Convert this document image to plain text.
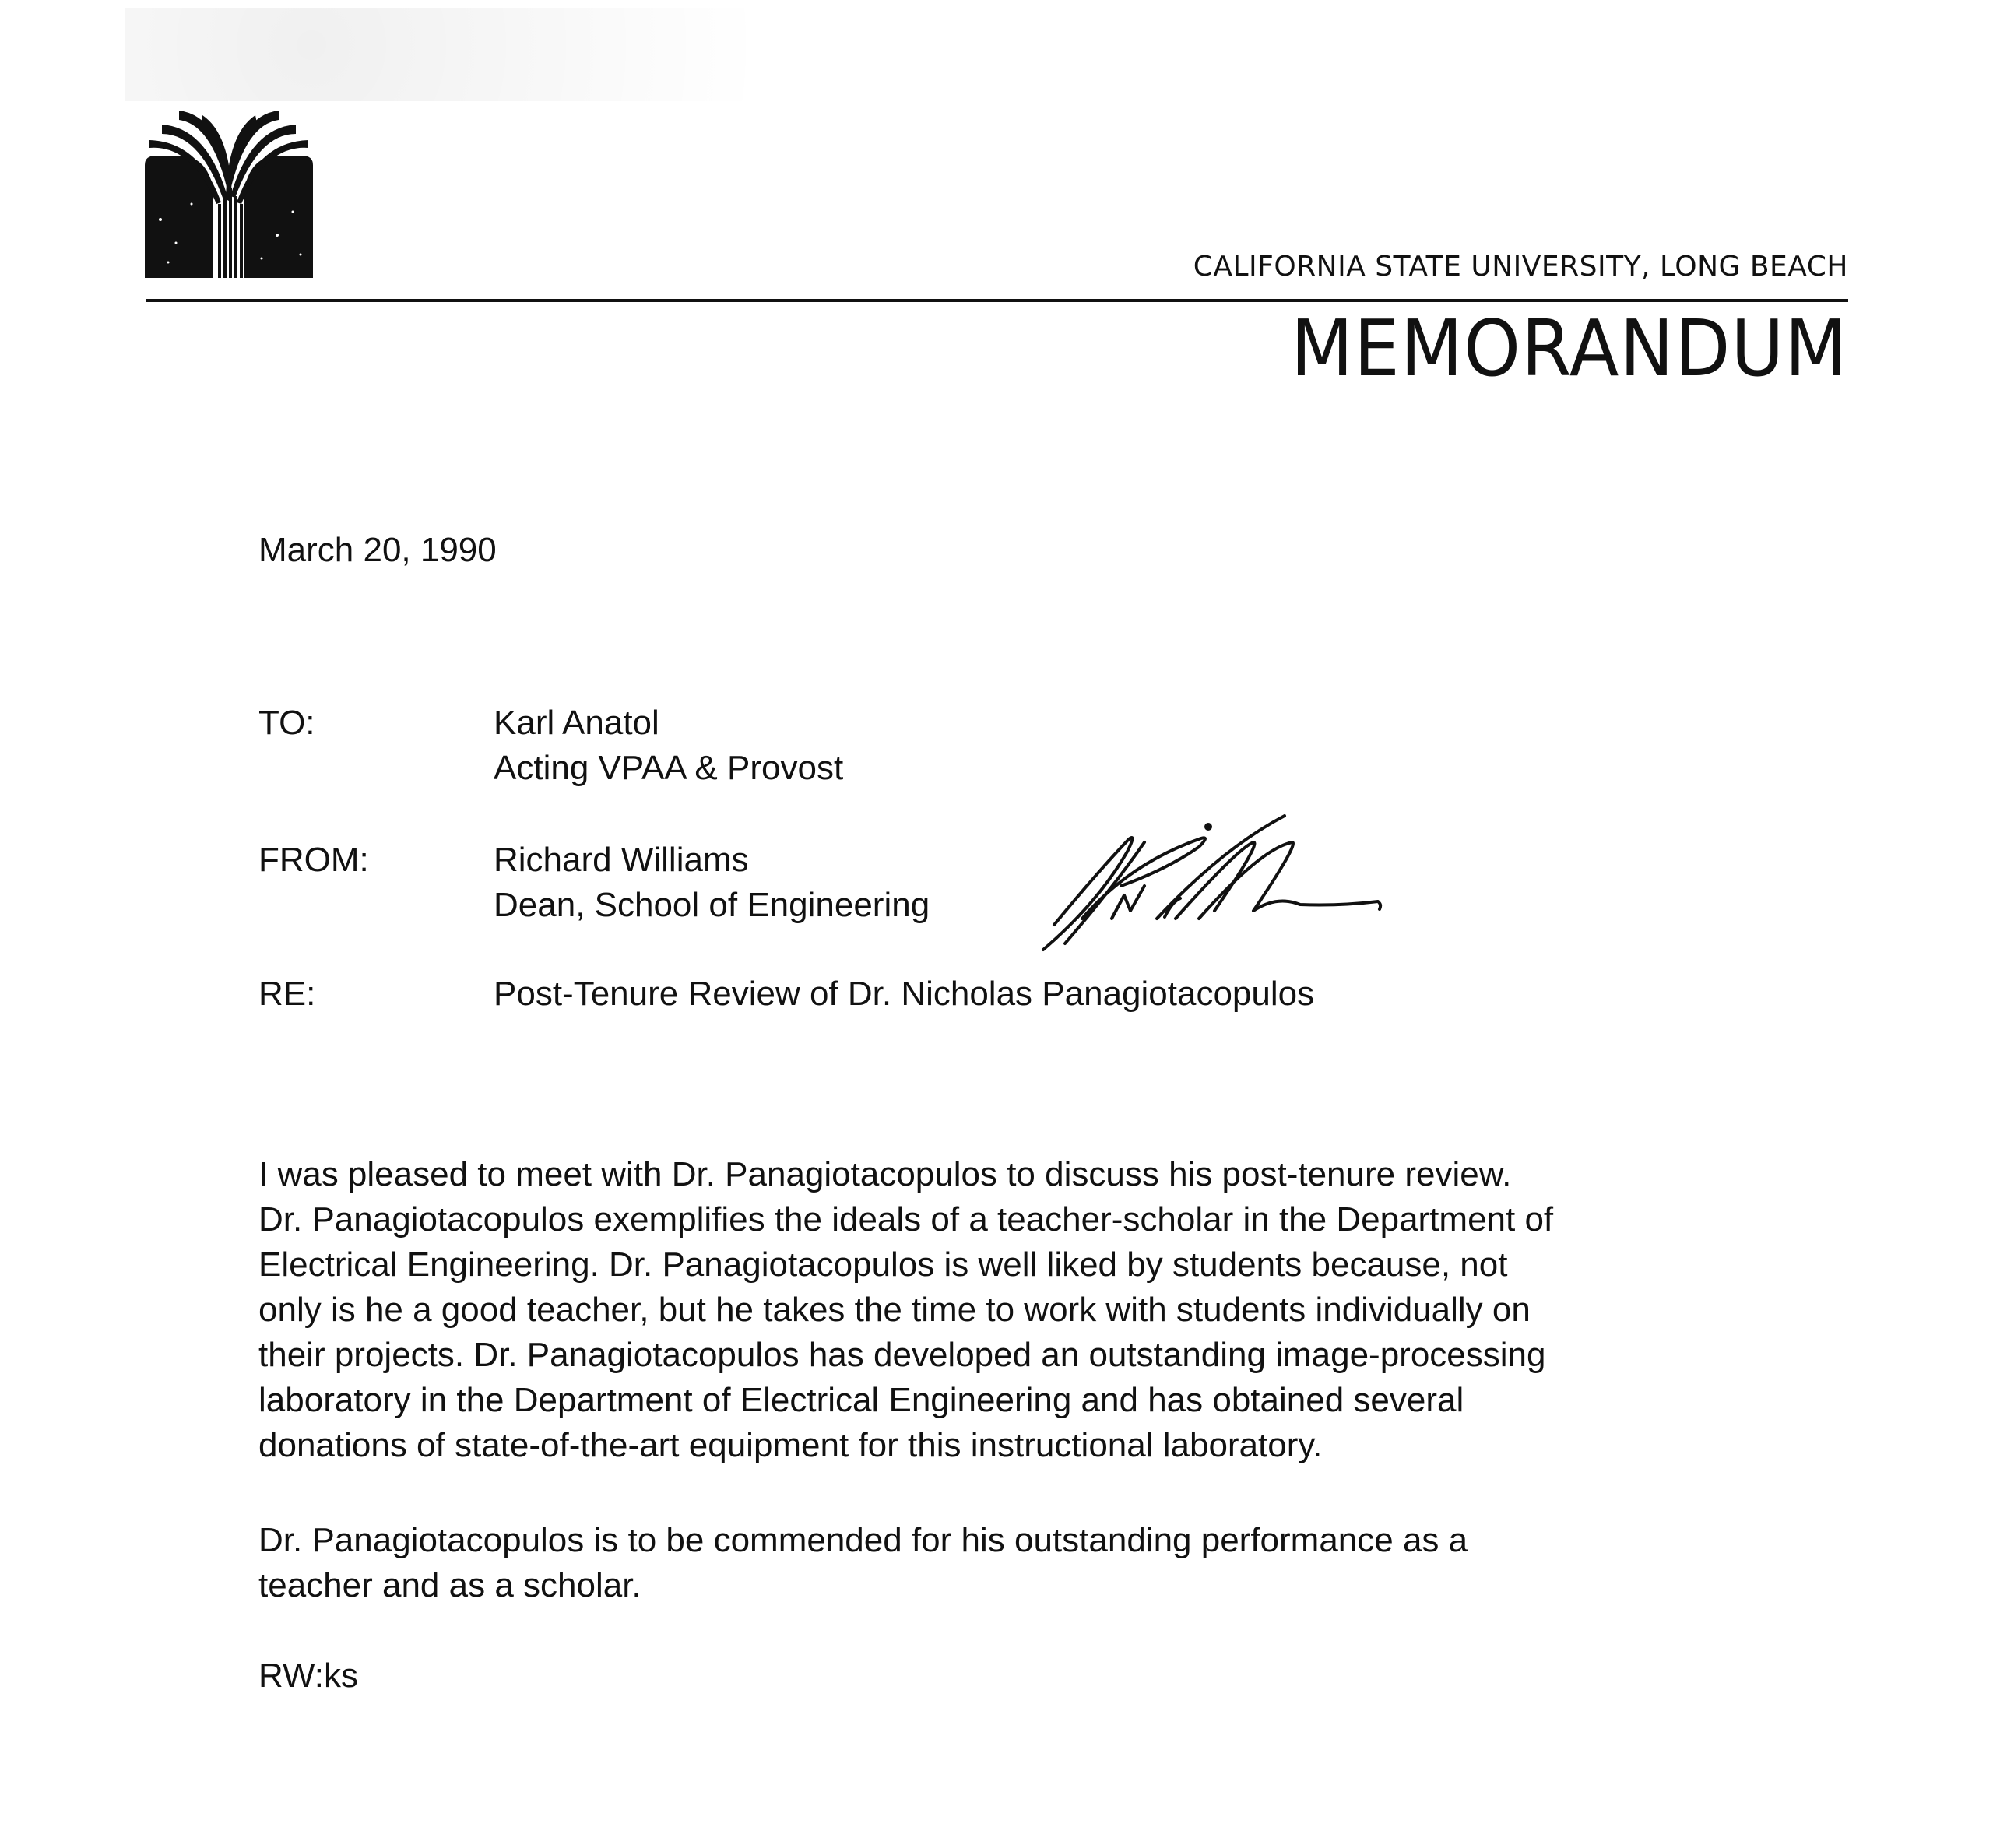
CALIFORNIA STATE UNIVERSITY, LONG BEACH
MEMORANDUM
March 20, 1990
TO:	Karl Anatol
Acting VPAA & Provost
FROM:	Richard Williams
Dean, School of Engineering
RE:	Post-Tenure Review of Dr. Nicholas Panagiotacopulos
I was pleased to meet with Dr. Panagiotacopulos to discuss his post-tenure review.
Dr. Panagiotacopulos exemplifies the ideals of a teacher-scholar in the Department of
Electrical Engineering. Dr. Panagiotacopulos is well liked by students because, not
only is he a good teacher, but he takes the time to work with students individually on
their projects. Dr. Panagiotacopulos has developed an outstanding image-processing
laboratory in the Department of Electrical Engineering and has obtained several
donations of state-of-the-art equipment for this instructional laboratory.
Dr. Panagiotacopulos is to be commended for his outstanding performance as a
teacher and as a scholar.
RW:ks
